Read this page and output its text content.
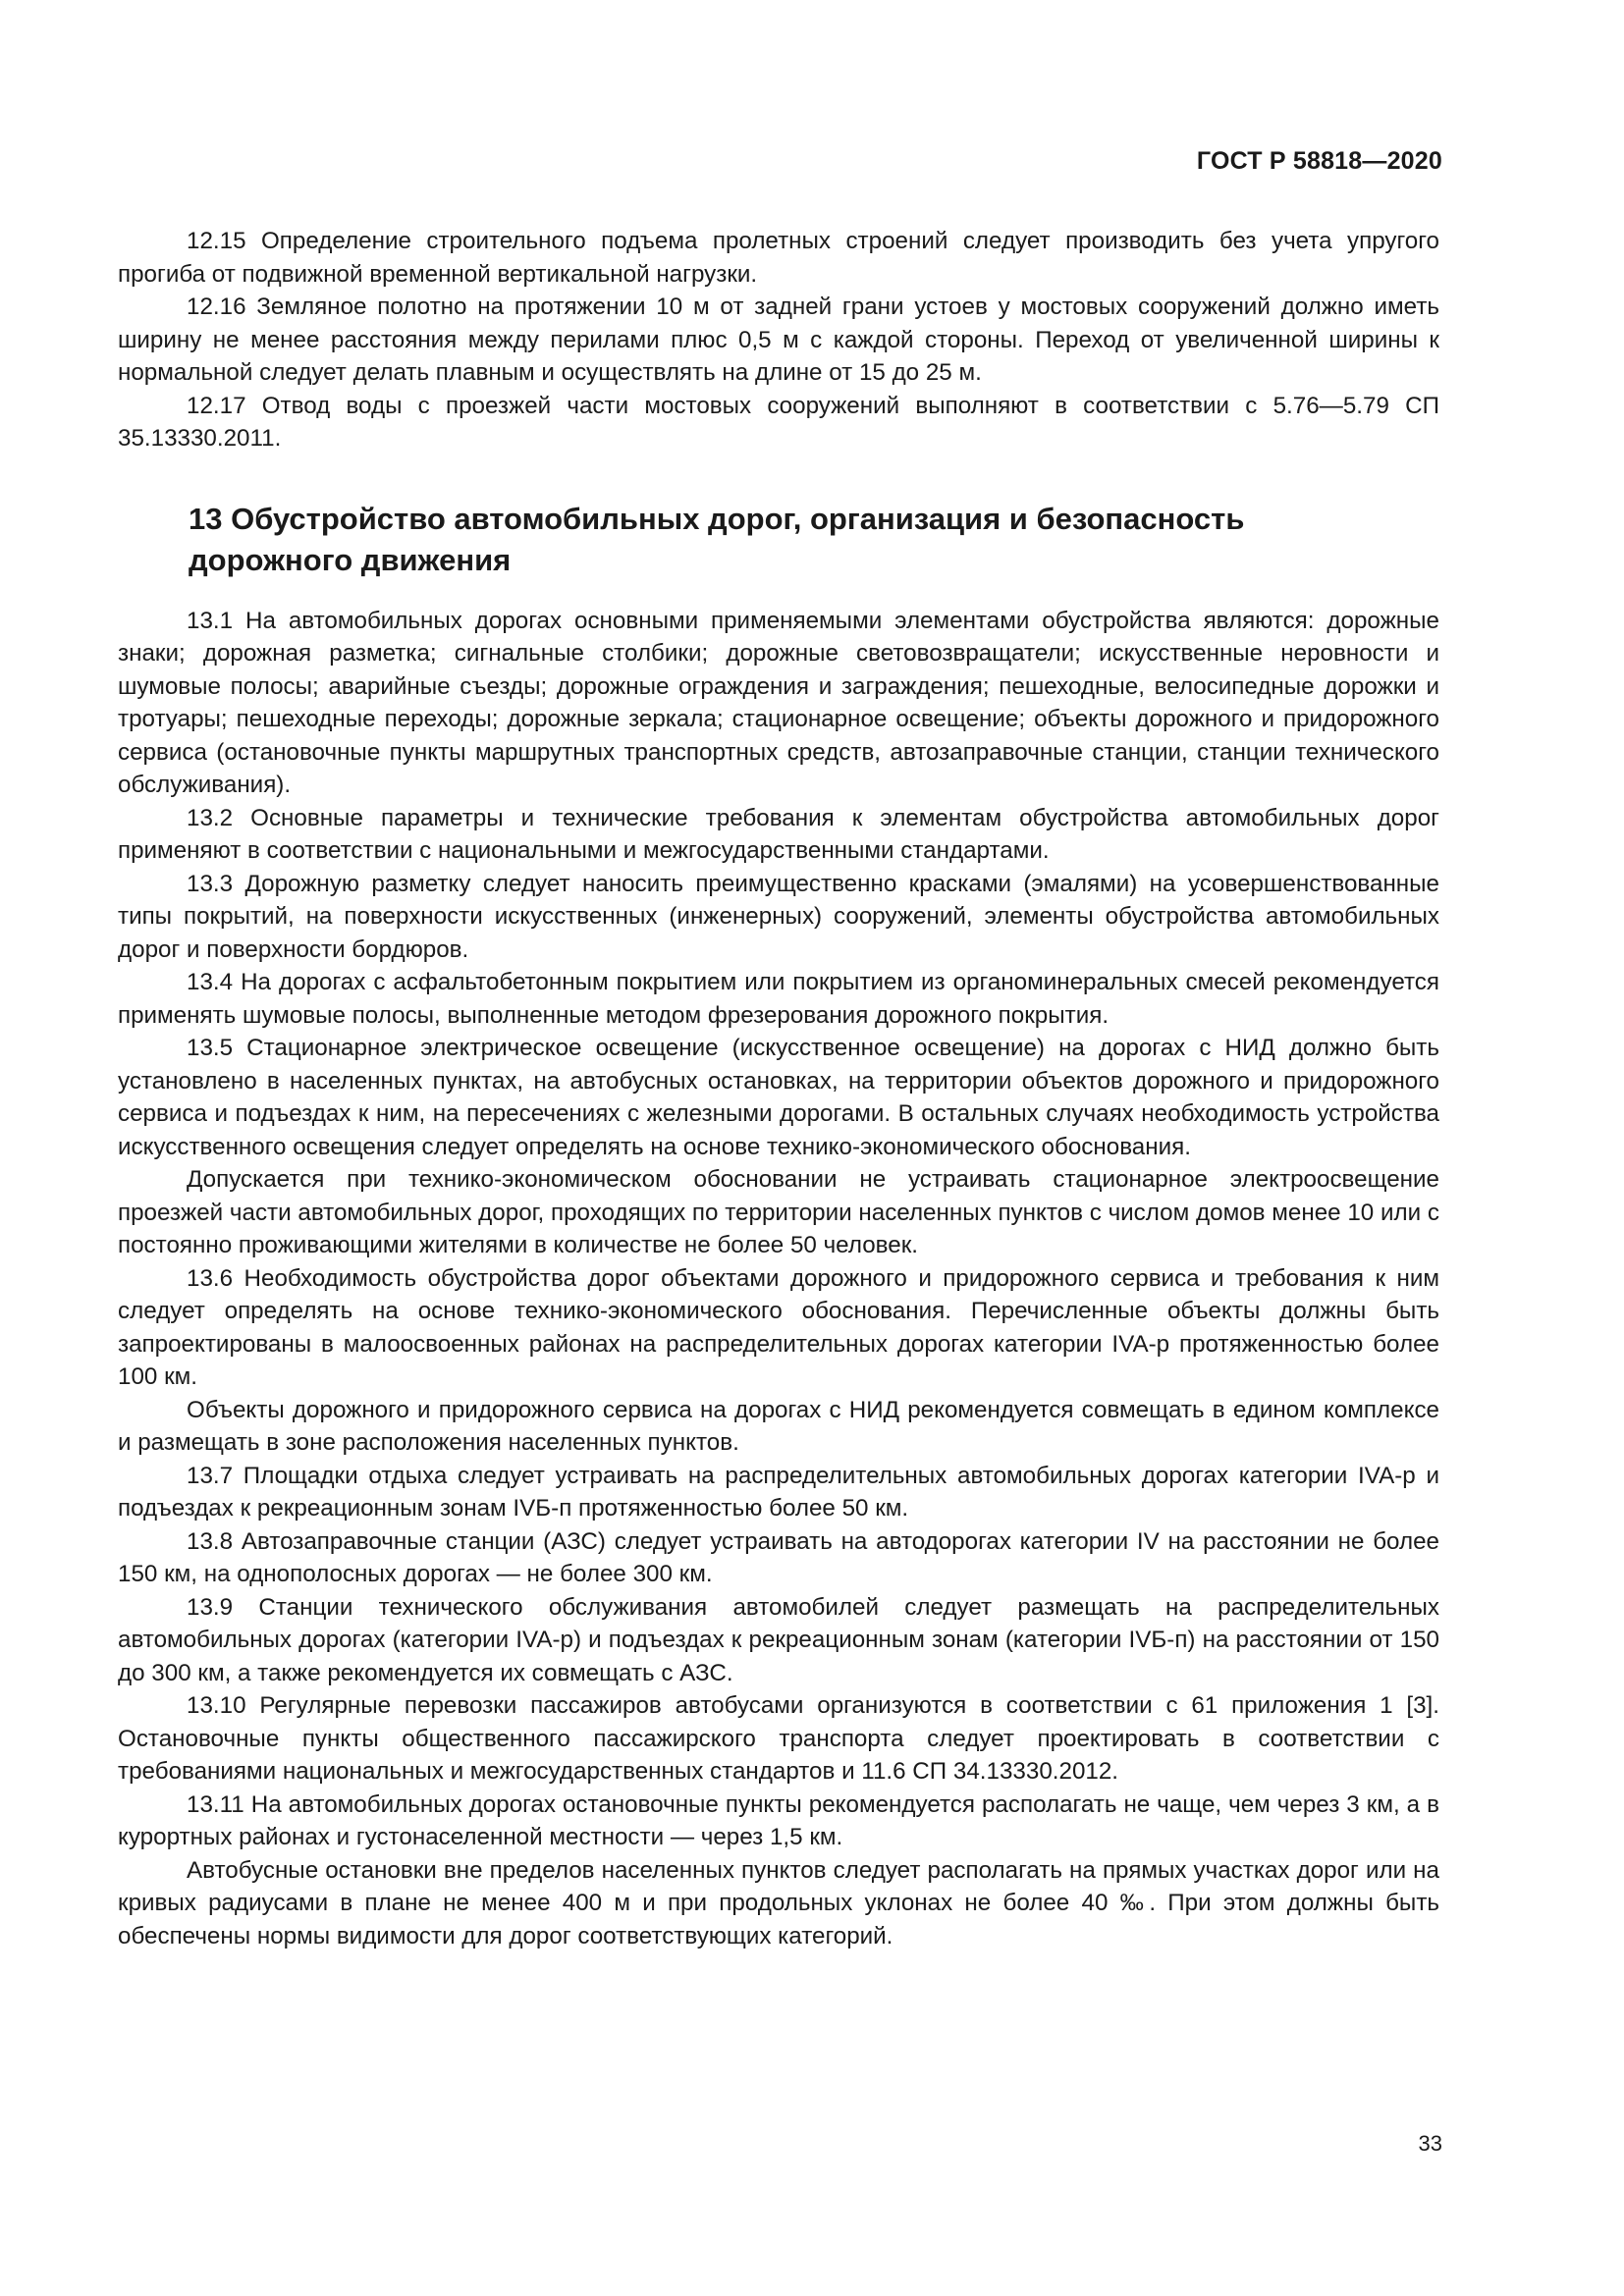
ГОСТ Р 58818—2020

12.15 Определение строительного подъема пролетных строений следует производить без учета упругого прогиба от подвижной временной вертикальной нагрузки.

12.16 Земляное полотно на протяжении 10 м от задней грани устоев у мостовых сооружений должно иметь ширину не менее расстояния между перилами плюс 0,5 м с каждой стороны. Переход от увеличенной ширины к нормальной следует делать плавным и осуществлять на длине от 15 до 25 м.

12.17 Отвод воды с проезжей части мостовых сооружений выполняют в соответствии с 5.76—5.79 СП 35.13330.2011.

13 Обустройство автомобильных дорог, организация и безопасность дорожного движения

13.1 На автомобильных дорогах основными применяемыми элементами обустройства являются: дорожные знаки; дорожная разметка; сигнальные столбики; дорожные световозвращатели; искусственные неровности и шумовые полосы; аварийные съезды; дорожные ограждения и заграждения; пешеходные, велосипедные дорожки и тротуары; пешеходные переходы; дорожные зеркала; стационарное освещение; объекты дорожного и придорожного сервиса (остановочные пункты маршрутных транспортных средств, автозаправочные станции, станции технического обслуживания).

13.2 Основные параметры и технические требования к элементам обустройства автомобильных дорог применяют в соответствии с национальными и межгосударственными стандартами.

13.3 Дорожную разметку следует наносить преимущественно красками (эмалями) на усовершенствованные типы покрытий, на поверхности искусственных (инженерных) сооружений, элементы обустройства автомобильных дорог и поверхности бордюров.

13.4 На дорогах с асфальтобетонным покрытием или покрытием из органоминеральных смесей рекомендуется применять шумовые полосы, выполненные методом фрезерования дорожного покрытия.

13.5 Стационарное электрическое освещение (искусственное освещение) на дорогах с НИД должно быть установлено в населенных пунктах, на автобусных остановках, на территории объектов дорожного и придорожного сервиса и подъездах к ним, на пересечениях с железными дорогами. В остальных случаях необходимость устройства искусственного освещения следует определять на основе технико-экономического обоснования.

Допускается при технико-экономическом обосновании не устраивать стационарное электроосвещение проезжей части автомобильных дорог, проходящих по территории населенных пунктов с числом домов менее 10 или с постоянно проживающими жителями в количестве не более 50 человек.

13.6 Необходимость обустройства дорог объектами дорожного и придорожного сервиса и требования к ним следует определять на основе технико-экономического обоснования. Перечисленные объекты должны быть запроектированы в малоосвоенных районах на распределительных дорогах категории IVA-р протяженностью более 100 км.

Объекты дорожного и придорожного сервиса на дорогах с НИД рекомендуется совмещать в едином комплексе и размещать в зоне расположения населенных пунктов.

13.7 Площадки отдыха следует устраивать на распределительных автомобильных дорогах категории IVA-р и подъездах к рекреационным зонам IVБ-п протяженностью более 50 км.

13.8 Автозаправочные станции (АЗС) следует устраивать на автодорогах категории IV на расстоянии не более 150 км, на однополосных дорогах — не более 300 км.

13.9 Станции технического обслуживания автомобилей следует размещать на распределительных автомобильных дорогах (категории IVA-р) и подъездах к рекреационным зонам (категории IVБ-п) на расстоянии от 150 до 300 км, а также рекомендуется их совмещать с АЗС.

13.10 Регулярные перевозки пассажиров автобусами организуются в соответствии с 61 приложения 1 [3]. Остановочные пункты общественного пассажирского транспорта следует проектировать в соответствии с требованиями национальных и межгосударственных стандартов и 11.6 СП 34.13330.2012.

13.11 На автомобильных дорогах остановочные пункты рекомендуется располагать не чаще, чем через 3 км, а в курортных районах и густонаселенной местности — через 1,5 км.

Автобусные остановки вне пределов населенных пунктов следует располагать на прямых участках дорог или на кривых радиусами в плане не менее 400 м и при продольных уклонах не более 40 ‰. При этом должны быть обеспечены нормы видимости для дорог соответствующих категорий.

33
